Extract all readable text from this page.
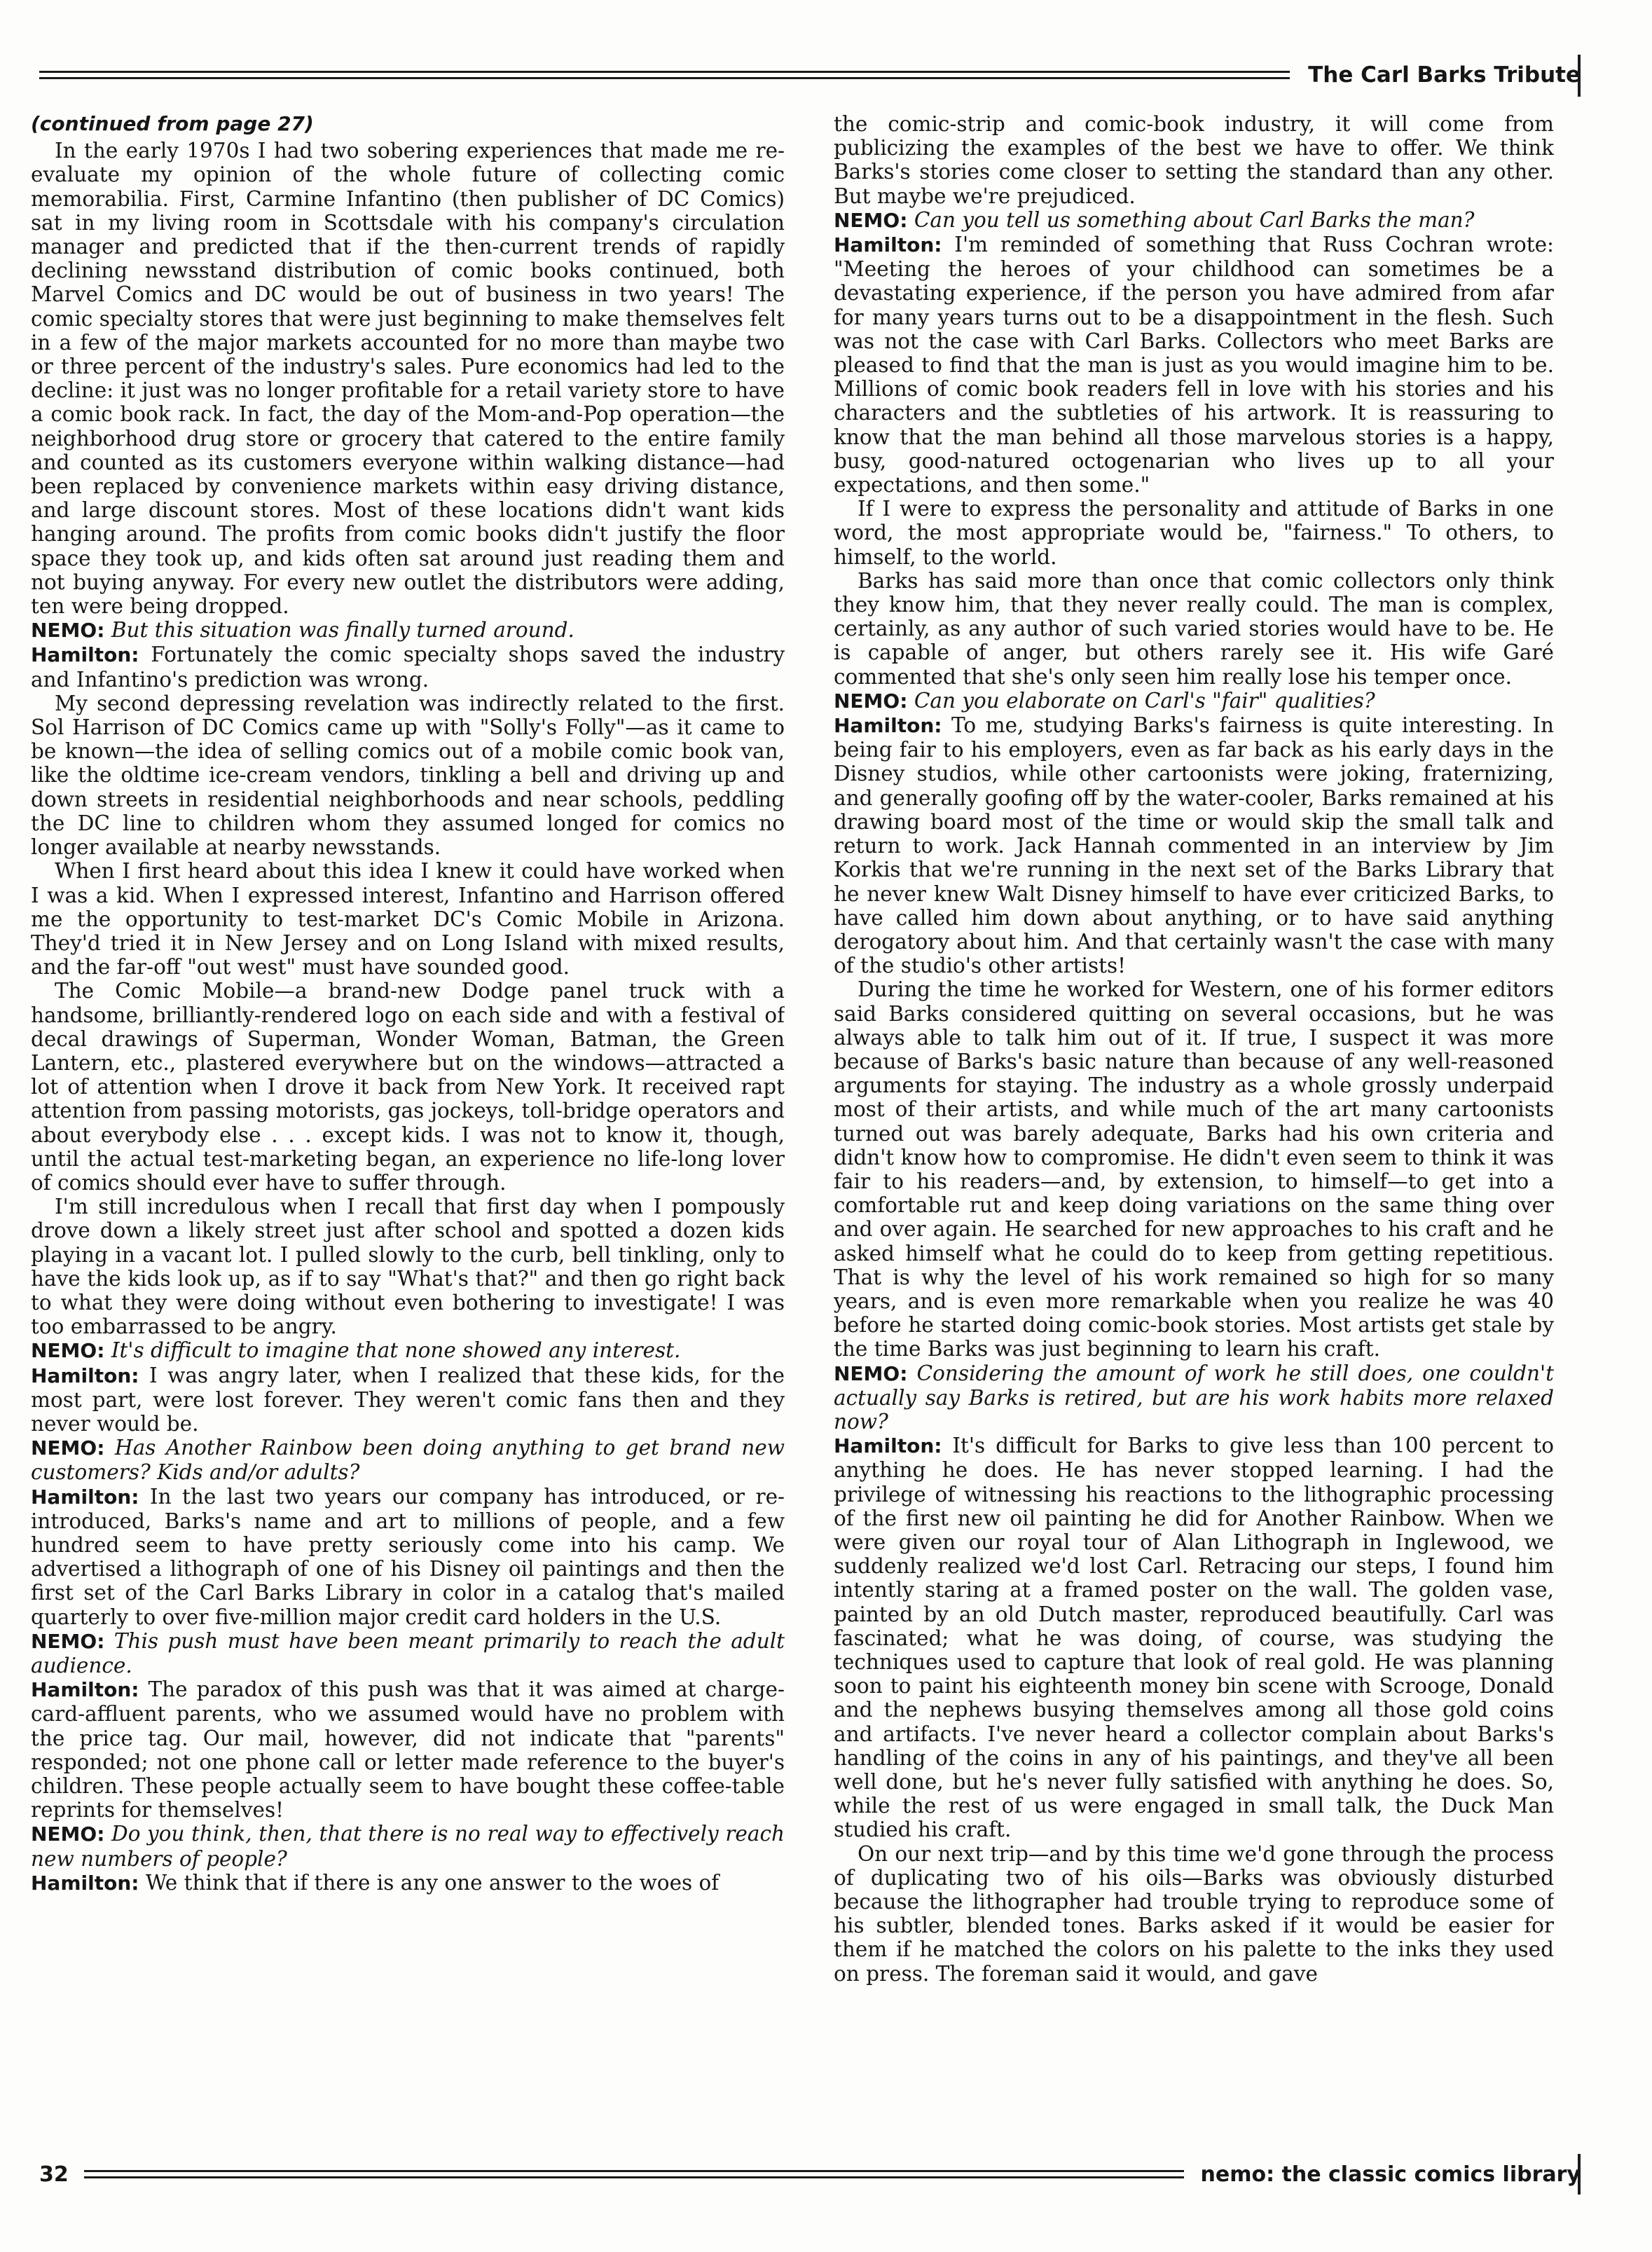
The Carl Barks Tribute

(continued from page 27)

In the early 1970s I had two sobering experiences that made me re-evaluate my opinion of the whole future of collecting comic memorabilia. First, Carmine Infantino (then publisher of DC Comics) sat in my living room in Scottsdale with his company's circulation manager and predicted that if the then-current trends of rapidly declining newsstand distribution of comic books continued, both Marvel Comics and DC would be out of business in two years! The comic specialty stores that were just beginning to make themselves felt in a few of the major markets accounted for no more than maybe two or three percent of the industry's sales. Pure economics had led to the decline: it just was no longer profitable for a retail variety store to have a comic book rack. In fact, the day of the Mom-and-Pop operation—the neighborhood drug store or grocery that catered to the entire family and counted as its customers everyone within walking distance—had been replaced by convenience markets within easy driving distance, and large discount stores. Most of these locations didn't want kids hanging around. The profits from comic books didn't justify the floor space they took up, and kids often sat around just reading them and not buying anyway. For every new outlet the distributors were adding, ten were being dropped.

NEMO: But this situation was finally turned around.

Hamilton: Fortunately the comic specialty shops saved the industry and Infantino's prediction was wrong.

My second depressing revelation was indirectly related to the first. Sol Harrison of DC Comics came up with "Solly's Folly"—as it came to be known—the idea of selling comics out of a mobile comic book van, like the oldtime ice-cream vendors, tinkling a bell and driving up and down streets in residential neighborhoods and near schools, peddling the DC line to children whom they assumed longed for comics no longer available at nearby newsstands.

When I first heard about this idea I knew it could have worked when I was a kid. When I expressed interest, Infantino and Harrison offered me the opportunity to test-market DC's Comic Mobile in Arizona. They'd tried it in New Jersey and on Long Island with mixed results, and the far-off "out west" must have sounded good.

The Comic Mobile—a brand-new Dodge panel truck with a handsome, brilliantly-rendered logo on each side and with a festival of decal drawings of Superman, Wonder Woman, Batman, the Green Lantern, etc., plastered everywhere but on the windows—attracted a lot of attention when I drove it back from New York. It received rapt attention from passing motorists, gas jockeys, toll-bridge operators and about everybody else . . . except kids. I was not to know it, though, until the actual test-marketing began, an experience no life-long lover of comics should ever have to suffer through.

I'm still incredulous when I recall that first day when I pompously drove down a likely street just after school and spotted a dozen kids playing in a vacant lot. I pulled slowly to the curb, bell tinkling, only to have the kids look up, as if to say "What's that?" and then go right back to what they were doing without even bothering to investigate! I was too embarrassed to be angry.

NEMO: It's difficult to imagine that none showed any interest.

Hamilton: I was angry later, when I realized that these kids, for the most part, were lost forever. They weren't comic fans then and they never would be.

NEMO: Has Another Rainbow been doing anything to get brand new customers? Kids and/or adults?

Hamilton: In the last two years our company has introduced, or re-introduced, Barks's name and art to millions of people, and a few hundred seem to have pretty seriously come into his camp. We advertised a lithograph of one of his Disney oil paintings and then the first set of the Carl Barks Library in color in a catalog that's mailed quarterly to over five-million major credit card holders in the U.S.

NEMO: This push must have been meant primarily to reach the adult audience.

Hamilton: The paradox of this push was that it was aimed at charge-card-affluent parents, who we assumed would have no problem with the price tag. Our mail, however, did not indicate that "parents" responded; not one phone call or letter made reference to the buyer's children. These people actually seem to have bought these coffee-table reprints for themselves!

NEMO: Do you think, then, that there is no real way to effectively reach new numbers of people?

Hamilton: We think that if there is any one answer to the woes of

the comic-strip and comic-book industry, it will come from publicizing the examples of the best we have to offer. We think Barks's stories come closer to setting the standard than any other. But maybe we're prejudiced.

NEMO: Can you tell us something about Carl Barks the man?

Hamilton: I'm reminded of something that Russ Cochran wrote: "Meeting the heroes of your childhood can sometimes be a devastating experience, if the person you have admired from afar for many years turns out to be a disappointment in the flesh. Such was not the case with Carl Barks. Collectors who meet Barks are pleased to find that the man is just as you would imagine him to be. Millions of comic book readers fell in love with his stories and his characters and the subtleties of his artwork. It is reassuring to know that the man behind all those marvelous stories is a happy, busy, good-natured octogenarian who lives up to all your expectations, and then some."

If I were to express the personality and attitude of Barks in one word, the most appropriate would be, "fairness." To others, to himself, to the world.

Barks has said more than once that comic collectors only think they know him, that they never really could. The man is complex, certainly, as any author of such varied stories would have to be. He is capable of anger, but others rarely see it. His wife Garé commented that she's only seen him really lose his temper once.

NEMO: Can you elaborate on Carl's "fair" qualities?

Hamilton: To me, studying Barks's fairness is quite interesting. In being fair to his employers, even as far back as his early days in the Disney studios, while other cartoonists were joking, fraternizing, and generally goofing off by the water-cooler, Barks remained at his drawing board most of the time or would skip the small talk and return to work. Jack Hannah commented in an interview by Jim Korkis that we're running in the next set of the Barks Library that he never knew Walt Disney himself to have ever criticized Barks, to have called him down about anything, or to have said anything derogatory about him. And that certainly wasn't the case with many of the studio's other artists!

During the time he worked for Western, one of his former editors said Barks considered quitting on several occasions, but he was always able to talk him out of it. If true, I suspect it was more because of Barks's basic nature than because of any well-reasoned arguments for staying. The industry as a whole grossly underpaid most of their artists, and while much of the art many cartoonists turned out was barely adequate, Barks had his own criteria and didn't know how to compromise. He didn't even seem to think it was fair to his readers—and, by extension, to himself—to get into a comfortable rut and keep doing variations on the same thing over and over again. He searched for new approaches to his craft and he asked himself what he could do to keep from getting repetitious. That is why the level of his work remained so high for so many years, and is even more remarkable when you realize he was 40 before he started doing comic-book stories. Most artists get stale by the time Barks was just beginning to learn his craft.

NEMO: Considering the amount of work he still does, one couldn't actually say Barks is retired, but are his work habits more relaxed now?

Hamilton: It's difficult for Barks to give less than 100 percent to anything he does. He has never stopped learning. I had the privilege of witnessing his reactions to the lithographic processing of the first new oil painting he did for Another Rainbow. When we were given our royal tour of Alan Lithograph in Inglewood, we suddenly realized we'd lost Carl. Retracing our steps, I found him intently staring at a framed poster on the wall. The golden vase, painted by an old Dutch master, reproduced beautifully. Carl was fascinated; what he was doing, of course, was studying the techniques used to capture that look of real gold. He was planning soon to paint his eighteenth money bin scene with Scrooge, Donald and the nephews busying themselves among all those gold coins and artifacts. I've never heard a collector complain about Barks's handling of the coins in any of his paintings, and they've all been well done, but he's never fully satisfied with anything he does. So, while the rest of us were engaged in small talk, the Duck Man studied his craft.

On our next trip—and by this time we'd gone through the process of duplicating two of his oils—Barks was obviously disturbed because the lithographer had trouble trying to reproduce some of his subtler, blended tones. Barks asked if it would be easier for them if he matched the colors on his palette to the inks they used on press. The foreman said it would, and gave

32	nemo: the classic comics library
